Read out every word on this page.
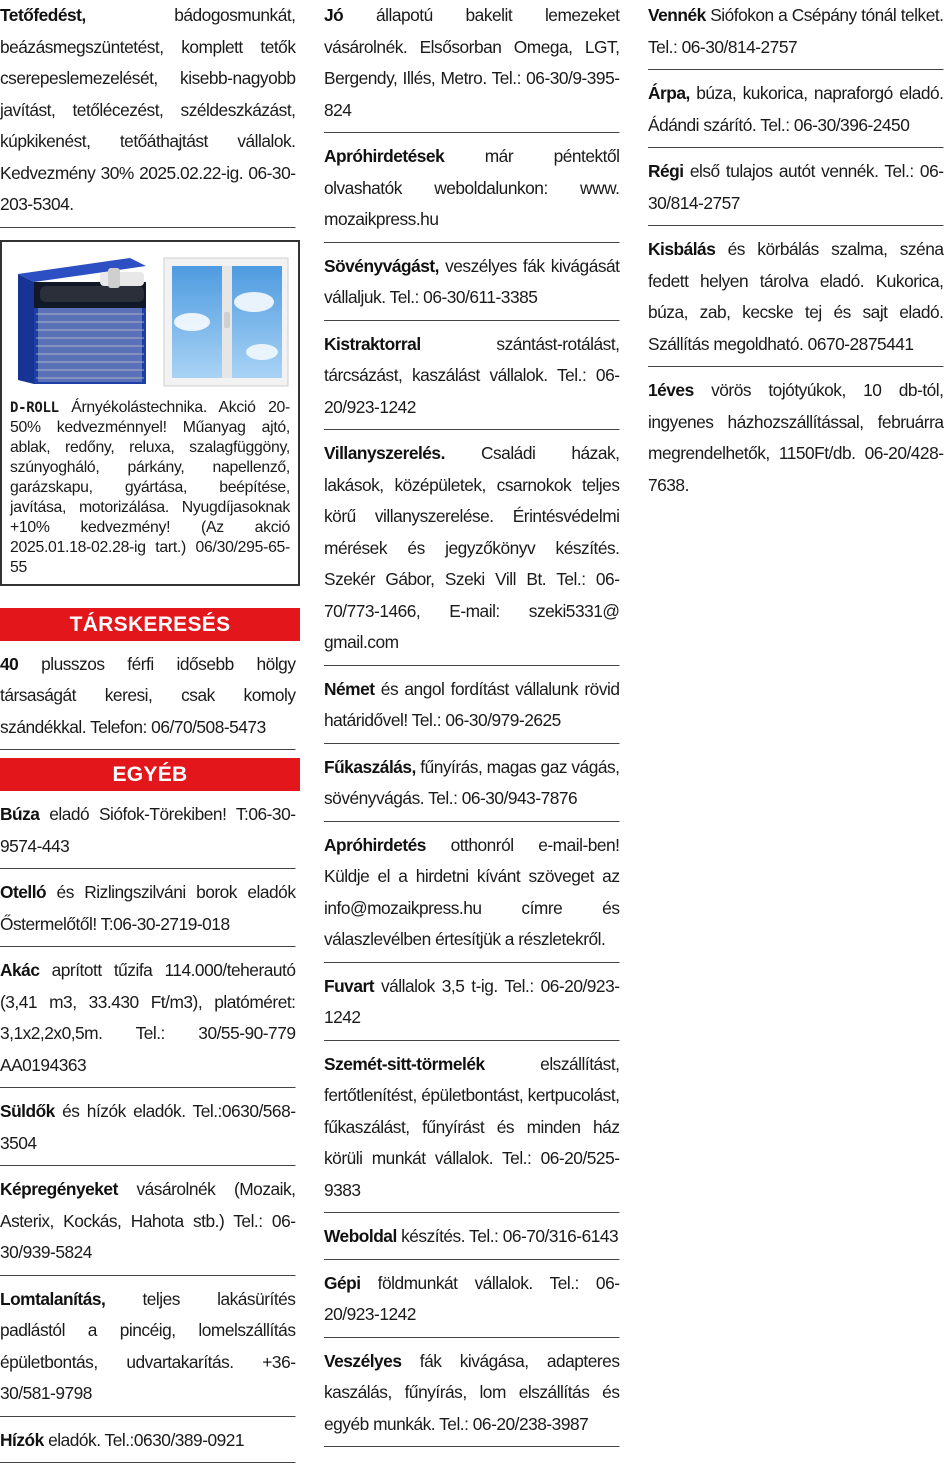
Tetőfedést, bádogosmunkát, beázásmegszüntetést, komplett tetők cserepeslemezelését, kisebb-nagyobb javítást, tetőlécezést, széldeszkázást, kúpkikenést, tetőáthajtást vállalok. Kedvezmény 30% 2025.02.22-ig. 06-30-203-5304.

D-ROLL Árnyékolástechnika. Akció 20-50% kedvezménnyel! Műanyag ajtó, ablak, redőny, reluxa, szalagfüggöny, szúnyogháló, párkány, napellenző, garázskapu, gyártása, beépítése, javítása, motorizálása. Nyugdíjasoknak +10% kedvezmény! (Az akció 2025.01.18-02.28-ig tart.) 06/30/295-65-55

TÁRSKERESÉS

40 plusszos férfi idősebb hölgy társaságát keresi, csak komoly szándékkal. Telefon: 06/70/508-5473

EGYÉB

Búza eladó Siófok-Törekiben! T:06-30-9574-443

Otelló és Rizlingszilváni borok eladók Őstermelőtől! T:06-30-2719-018

Akác aprított tűzifa 114.000/teherautó (3,41 m3, 33.430 Ft/m3), platóméret: 3,1x2,2x0,5m. Tel.: 30/55-90-779 AA0194363

Süldők és hízók eladók. Tel.:0630/568-3504

Képregényeket vásárolnék (Mozaik, Asterix, Kockás, Hahota stb.) Tel.: 06-30/939-5824

Lomtalanítás, teljes lakásürítés padlástól a pincéig, lomelszállítás épületbontás, udvartakarítás. +36-30/581-9798

Hízók eladók. Tel.:0630/389-0921

Jó állapotú bakelit lemezeket vásárolnék. Elsősorban Omega, LGT, Bergendy, Illés, Metro. Tel.: 06-30/9-395-824

Apróhirdetések már péntektől olvashatók weboldalunkon: www. mozaikpress.hu

Sövényvágást, veszélyes fák kivágását vállaljuk. Tel.: 06-30/611-3385

Kistraktorral szántást-rotálást, tárcsázást, kaszálást vállalok. Tel.: 06-20/923-1242

Villanyszerelés. Családi házak, lakások, középületek, csarnokok teljes körű villanyszerelése. Érintésvédelmi mérések és jegyzőkönyv készítés. Szekér Gábor, Szeki Vill Bt. Tel.: 06-70/773-1466, E-mail: szeki5331@ gmail.com

Német és angol fordítást vállalunk rövid határidővel! Tel.: 06-30/979-2625

Fűkaszálás, fűnyírás, magas gaz vágás, sövényvágás. Tel.: 06-30/943-7876

Apróhirdetés otthonról e-mail-ben! Küldje el a hirdetni kívánt szöveget az info@mozaikpress.hu címre és válaszlevélben értesítjük a részletekről.

Fuvart vállalok 3,5 t-ig. Tel.: 06-20/923-1242

Szemét-sitt-törmelék elszállítást, fertőtlenítést, épületbontást, kertpucolást, fűkaszálást, fűnyírást és minden ház körüli munkát vállalok. Tel.: 06-20/525-9383

Weboldal készítés. Tel.: 06-70/316-6143

Gépi földmunkát vállalok. Tel.: 06-20/923-1242

Veszélyes fák kivágása, adapteres kaszálás, fűnyírás, lom elszállítás és egyéb munkák. Tel.: 06-20/238-3987

Vennék Siófokon a Csépány tónál telket. Tel.: 06-30/814-2757

Árpa, búza, kukorica, napraforgó eladó. Ádándi szárító. Tel.: 06-30/396-2450

Régi első tulajos autót vennék. Tel.: 06-30/814-2757

Kisbálás és körbálás szalma, széna fedett helyen tárolva eladó. Kukorica, búza, zab, kecske tej és sajt eladó. Szállítás megoldható. 0670-2875441

1éves vörös tojótyúkok, 10 db-tól, ingyenes házhozszállítással, februárra megrendelhetők, 1150Ft/db. 06-20/428-7638.
